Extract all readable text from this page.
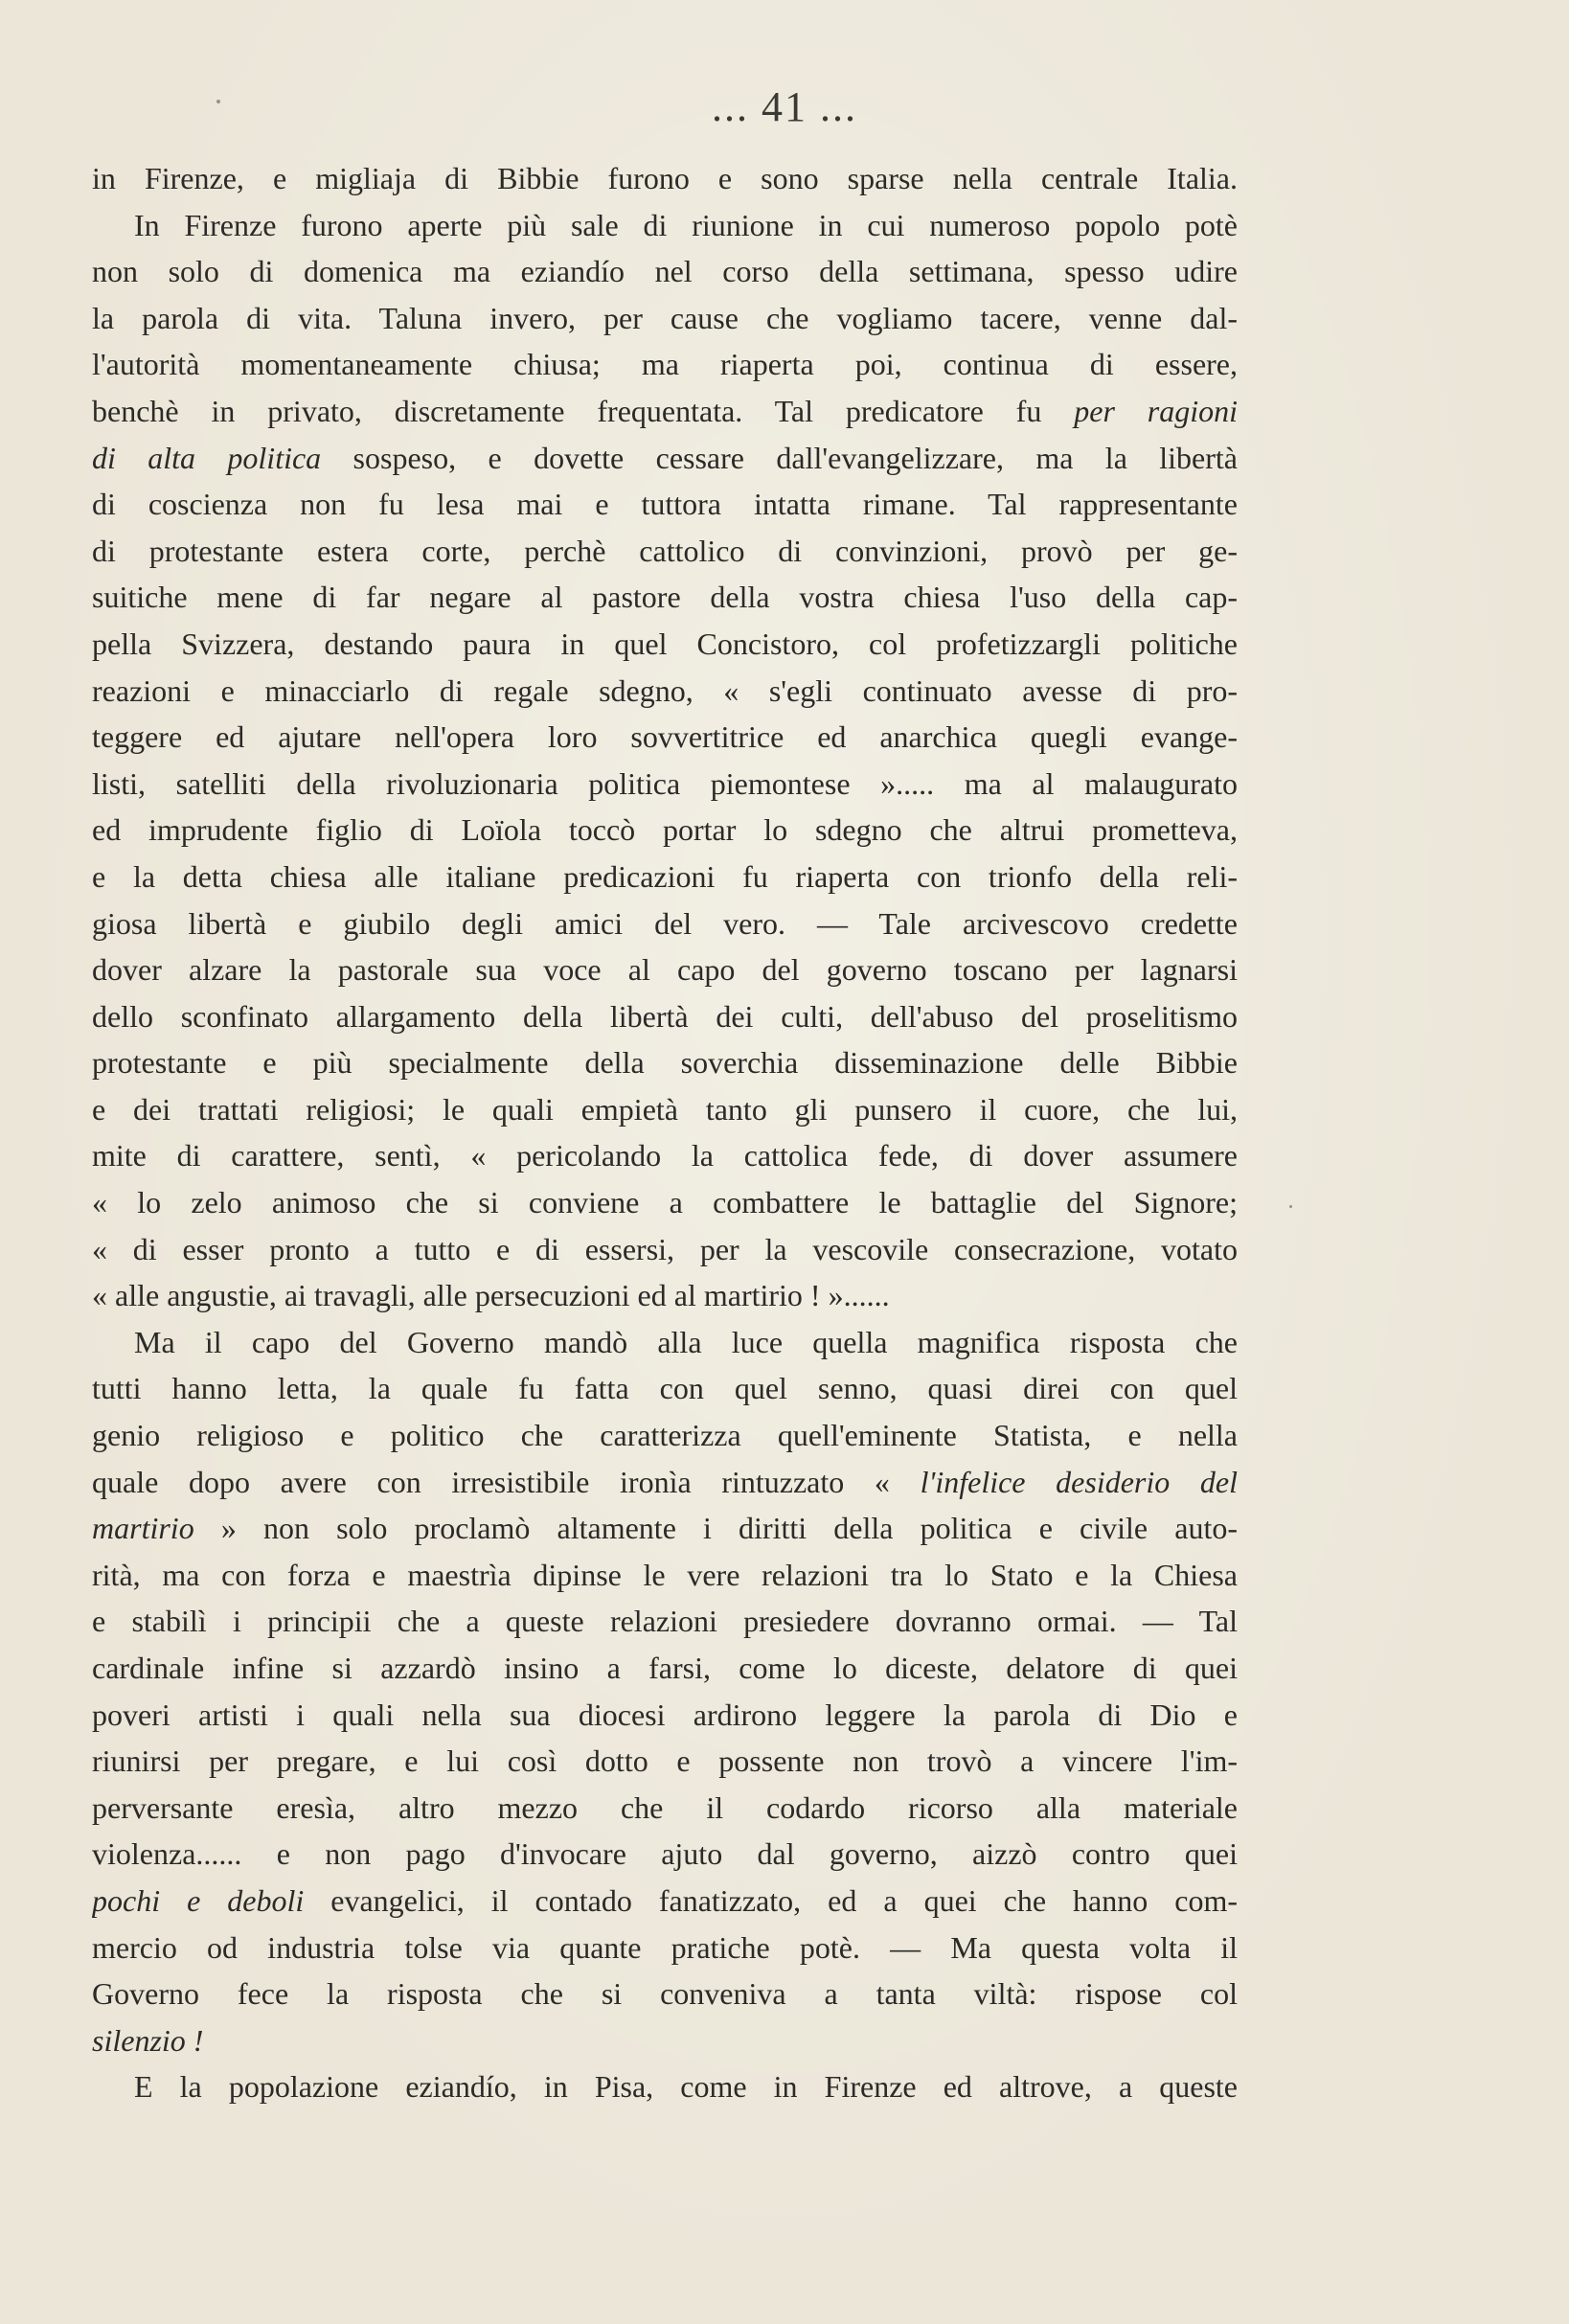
... 41 ...
in Firenze, e migliaja di Bibbie furono e sono sparse nella centrale Italia.
In Firenze furono aperte più sale di riunione in cui numeroso popolo potè
non solo di domenica ma eziandío nel corso della settimana, spesso udire
la parola di vita. Taluna invero, per cause che vogliamo tacere, venne dal-
l'autorità momentaneamente chiusa; ma riaperta poi, continua di essere,
benchè in privato, discretamente frequentata. Tal predicatore fu per ragioni
di alta politica sospeso, e dovette cessare dall'evangelizzare, ma la libertà
di coscienza non fu lesa mai e tuttora intatta rimane. Tal rappresentante
di protestante estera corte, perchè cattolico di convinzioni, provò per ge-
suitiche mene di far negare al pastore della vostra chiesa l'uso della cap-
pella Svizzera, destando paura in quel Concistoro, col profetizzargli politiche
reazioni e minacciarlo di regale sdegno, « s'egli continuato avesse di pro-
teggere ed ajutare nell'opera loro sovvertitrice ed anarchica quegli evange-
listi, satelliti della rivoluzionaria politica piemontese »..... ma al malaugurato
ed imprudente figlio di Loïola toccò portar lo sdegno che altrui prometteva,
e la detta chiesa alle italiane predicazioni fu riaperta con trionfo della reli-
giosa libertà e giubilo degli amici del vero. — Tale arcivescovo credette
dover alzare la pastorale sua voce al capo del governo toscano per lagnarsi
dello sconfinato allargamento della libertà dei culti, dell'abuso del proselitismo
protestante e più specialmente della soverchia disseminazione delle Bibbie
e dei trattati religiosi; le quali empietà tanto gli punsero il cuore, che lui,
mite di carattere, sentì, « pericolando la cattolica fede, di dover assumere
« lo zelo animoso che si conviene a combattere le battaglie del Signore;
« di esser pronto a tutto e di essersi, per la vescovile consecrazione, votato
« alle angustie, ai travagli, alle persecuzioni ed al martirio ! »......
Ma il capo del Governo mandò alla luce quella magnifica risposta che
tutti hanno letta, la quale fu fatta con quel senno, quasi direi con quel
genio religioso e politico che caratterizza quell'eminente Statista, e nella
quale dopo avere con irresistibile ironìa rintuzzato « l'infelice desiderio del
martirio » non solo proclamò altamente i diritti della politica e civile auto-
rità, ma con forza e maestrìa dipinse le vere relazioni tra lo Stato e la Chiesa
e stabilì i principii che a queste relazioni presiedere dovranno ormai. — Tal
cardinale infine si azzardò insino a farsi, come lo diceste, delatore di quei
poveri artisti i quali nella sua diocesi ardirono leggere la parola di Dio e
riunirsi per pregare, e lui così dotto e possente non trovò a vincere l'im-
perversante eresìa, altro mezzo che il codardo ricorso alla materiale
violenza...... e non pago d'invocare ajuto dal governo, aizzò contro quei
pochi e deboli evangelici, il contado fanatizzato, ed a quei che hanno com-
mercio od industria tolse via quante pratiche potè. — Ma questa volta il
Governo fece la risposta che si conveniva a tanta viltà: rispose col
silenzio !
E la popolazione eziandío, in Pisa, come in Firenze ed altrove, a queste
